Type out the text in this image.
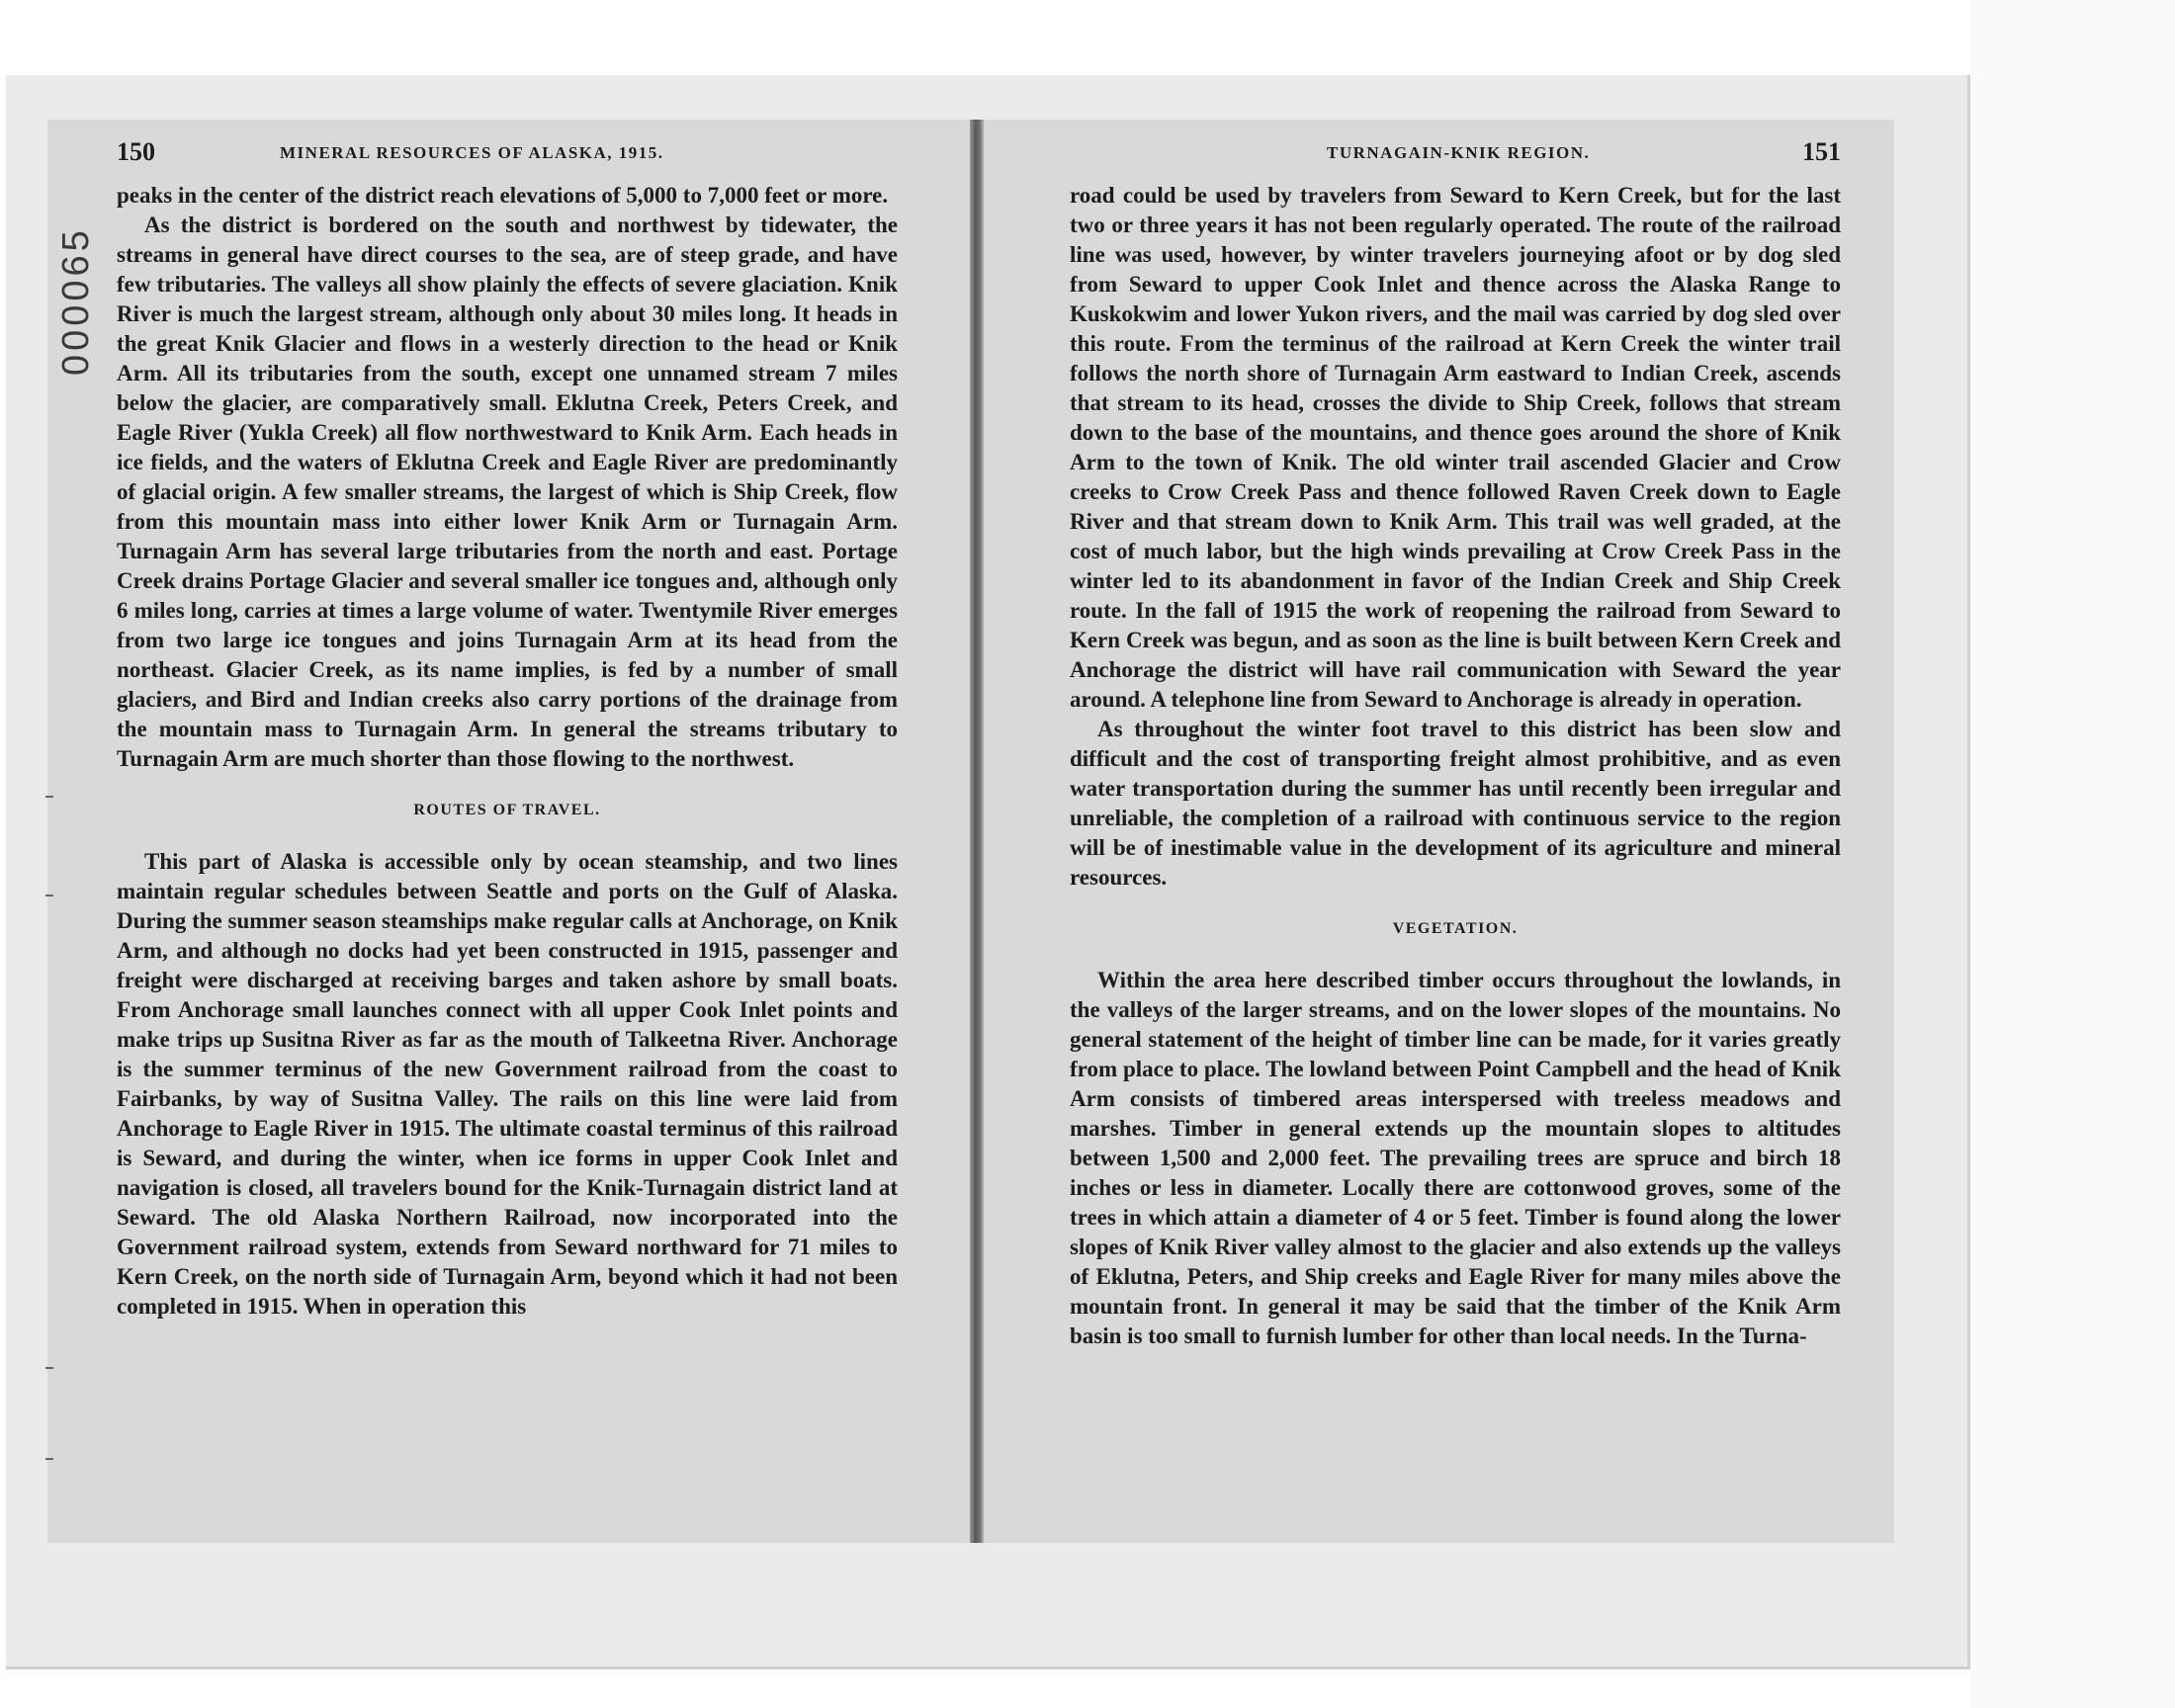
000065
150	MINERAL RESOURCES OF ALASKA, 1915.

peaks in the center of the district reach elevations of 5,000 to 7,000 feet or more.

As the district is bordered on the south and northwest by tidewater, the streams in general have direct courses to the sea, are of steep grade, and have few tributaries. The valleys all show plainly the effects of severe glaciation. Knik River is much the largest stream, although only about 30 miles long. It heads in the great Knik Glacier and flows in a westerly direction to the head or Knik Arm. All its tributaries from the south, except one unnamed stream 7 miles below the glacier, are comparatively small. Eklutna Creek, Peters Creek, and Eagle River (Yukla Creek) all flow northwestward to Knik Arm. Each heads in ice fields, and the waters of Eklutna Creek and Eagle River are predominantly of glacial origin. A few smaller streams, the largest of which is Ship Creek, flow from this mountain mass into either lower Knik Arm or Turnagain Arm. Turnagain Arm has several large tributaries from the north and east. Portage Creek drains Portage Glacier and several smaller ice tongues and, although only 6 miles long, carries at times a large volume of water. Twentymile River emerges from two large ice tongues and joins Turnagain Arm at its head from the northeast. Glacier Creek, as its name implies, is fed by a number of small glaciers, and Bird and Indian creeks also carry portions of the drainage from the mountain mass to Turnagain Arm. In general the streams tributary to Turnagain Arm are much shorter than those flowing to the northwest.

ROUTES OF TRAVEL.

This part of Alaska is accessible only by ocean steamship, and two lines maintain regular schedules between Seattle and ports on the Gulf of Alaska. During the summer season steamships make regular calls at Anchorage, on Knik Arm, and although no docks had yet been constructed in 1915, passenger and freight were discharged at receiving barges and taken ashore by small boats. From Anchorage small launches connect with all upper Cook Inlet points and make trips up Susitna River as far as the mouth of Talkeetna River. Anchorage is the summer terminus of the new Government railroad from the coast to Fairbanks, by way of Susitna Valley. The rails on this line were laid from Anchorage to Eagle River in 1915. The ultimate coastal terminus of this railroad is Seward, and during the winter, when ice forms in upper Cook Inlet and navigation is closed, all travelers bound for the Knik-Turnagain district land at Seward. The old Alaska Northern Railroad, now incorporated into the Government railroad system, extends from Seward northward for 71 miles to Kern Creek, on the north side of Turnagain Arm, beyond which it had not been completed in 1915. When in operation this

TURNAGAIN-KNIK REGION.	151

road could be used by travelers from Seward to Kern Creek, but for the last two or three years it has not been regularly operated. The route of the railroad line was used, however, by winter travelers journeying afoot or by dog sled from Seward to upper Cook Inlet and thence across the Alaska Range to Kuskokwim and lower Yukon rivers, and the mail was carried by dog sled over this route. From the terminus of the railroad at Kern Creek the winter trail follows the north shore of Turnagain Arm eastward to Indian Creek, ascends that stream to its head, crosses the divide to Ship Creek, follows that stream down to the base of the mountains, and thence goes around the shore of Knik Arm to the town of Knik. The old winter trail ascended Glacier and Crow creeks to Crow Creek Pass and thence followed Raven Creek down to Eagle River and that stream down to Knik Arm. This trail was well graded, at the cost of much labor, but the high winds prevailing at Crow Creek Pass in the winter led to its abandonment in favor of the Indian Creek and Ship Creek route. In the fall of 1915 the work of reopening the railroad from Seward to Kern Creek was begun, and as soon as the line is built between Kern Creek and Anchorage the district will have rail communication with Seward the year around. A telephone line from Seward to Anchorage is already in operation.

As throughout the winter foot travel to this district has been slow and difficult and the cost of transporting freight almost prohibitive, and as even water transportation during the summer has until recently been irregular and unreliable, the completion of a railroad with continuous service to the region will be of inestimable value in the development of its agriculture and mineral resources.

VEGETATION.

Within the area here described timber occurs throughout the lowlands, in the valleys of the larger streams, and on the lower slopes of the mountains. No general statement of the height of timber line can be made, for it varies greatly from place to place. The lowland between Point Campbell and the head of Knik Arm consists of timbered areas interspersed with treeless meadows and marshes. Timber in general extends up the mountain slopes to altitudes between 1,500 and 2,000 feet. The prevailing trees are spruce and birch 18 inches or less in diameter. Locally there are cottonwood groves, some of the trees in which attain a diameter of 4 or 5 feet. Timber is found along the lower slopes of Knik River valley almost to the glacier and also extends up the valleys of Eklutna, Peters, and Ship creeks and Eagle River for many miles above the mountain front. In general it may be said that the timber of the Knik Arm basin is too small to furnish lumber for other than local needs. In the Turna-
